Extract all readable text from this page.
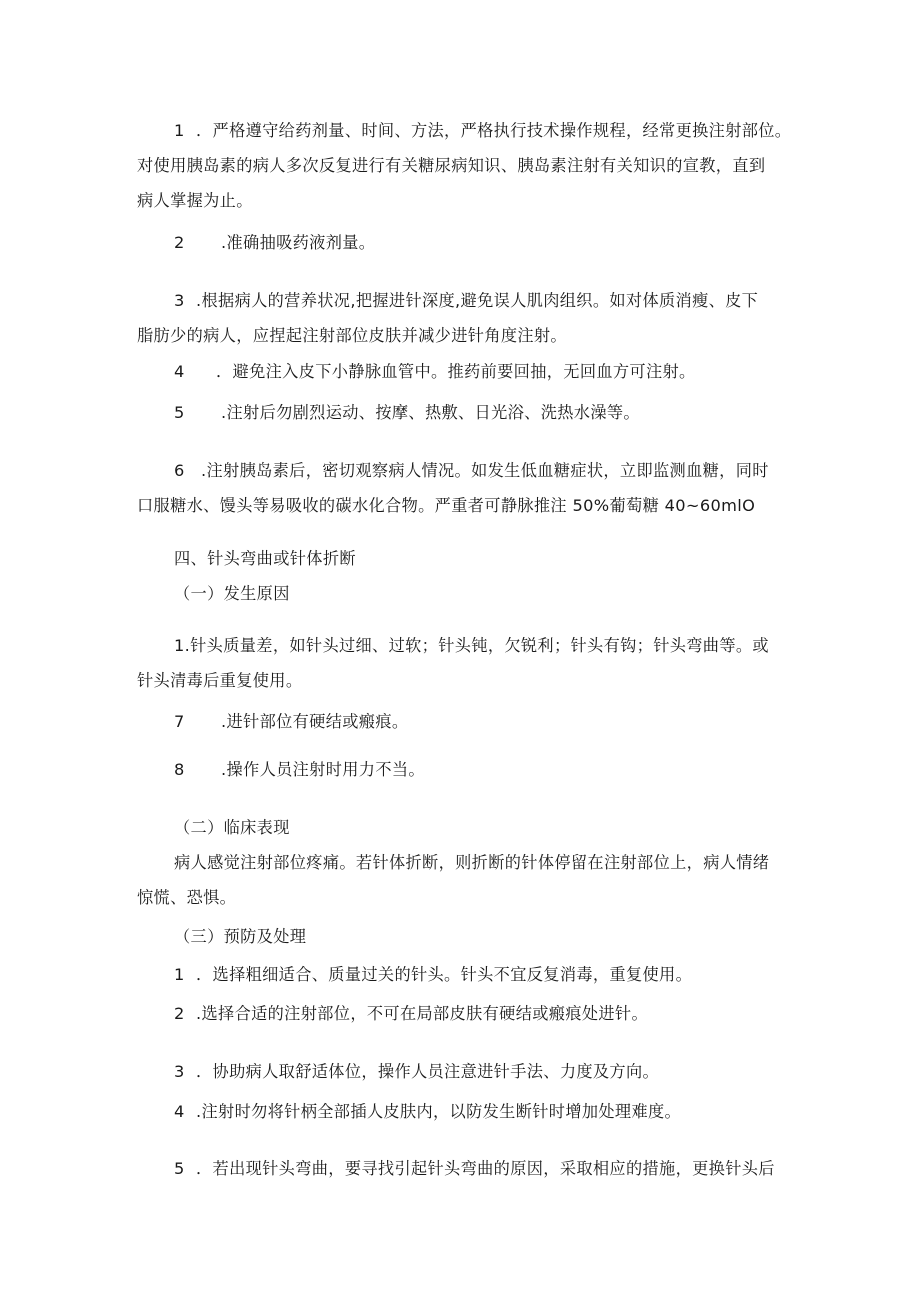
1 ．严格遵守给药剂量、时间、方法，严格执行技术操作规程，经常更换注射部位。

对使用胰岛素的病人多次反复进行有关糖尿病知识、胰岛素注射有关知识的宣教，直到

病人掌握为止。

2 .准确抽吸药液剂量。

3 .根据病人的营养状况,把握进针深度,避免误人肌肉组织。如对体质消瘦、皮下

脂肪少的病人，应捏起注射部位皮肤并减少进针角度注射。

4 ．避免注入皮下小静脉血管中。推药前要回抽，无回血方可注射。

5 .注射后勿剧烈运动、按摩、热敷、日光浴、洗热水澡等。

6 .注射胰岛素后，密切观察病人情况。如发生低血糖症状，立即监测血糖，同时

口服糖水、馒头等易吸收的碳水化合物。严重者可静脉推注 50%葡萄糖 40~60mlO

四、针头弯曲或针体折断

（一）发生原因

1.针头质量差，如针头过细、过软；针头钝，欠锐利；针头有钩；针头弯曲等。或

针头清毒后重复使用。

7 .进针部位有硬结或瘢痕。

8 .操作人员注射时用力不当。

（二）临床表现

病人感觉注射部位疼痛。若针体折断，则折断的针体停留在注射部位上，病人情绪

惊慌、恐惧。

（三）预防及处理

1 ．选择粗细适合、质量过关的针头。针头不宜反复消毒，重复使用。

2 .选择合适的注射部位，不可在局部皮肤有硬结或瘢痕处进针。

3 ．协助病人取舒适体位，操作人员注意进针手法、力度及方向。

4 .注射时勿将针柄全部插人皮肤内，以防发生断针时增加处理难度。

5 ．若出现针头弯曲，要寻找引起针头弯曲的原因，采取相应的措施，更换针头后
